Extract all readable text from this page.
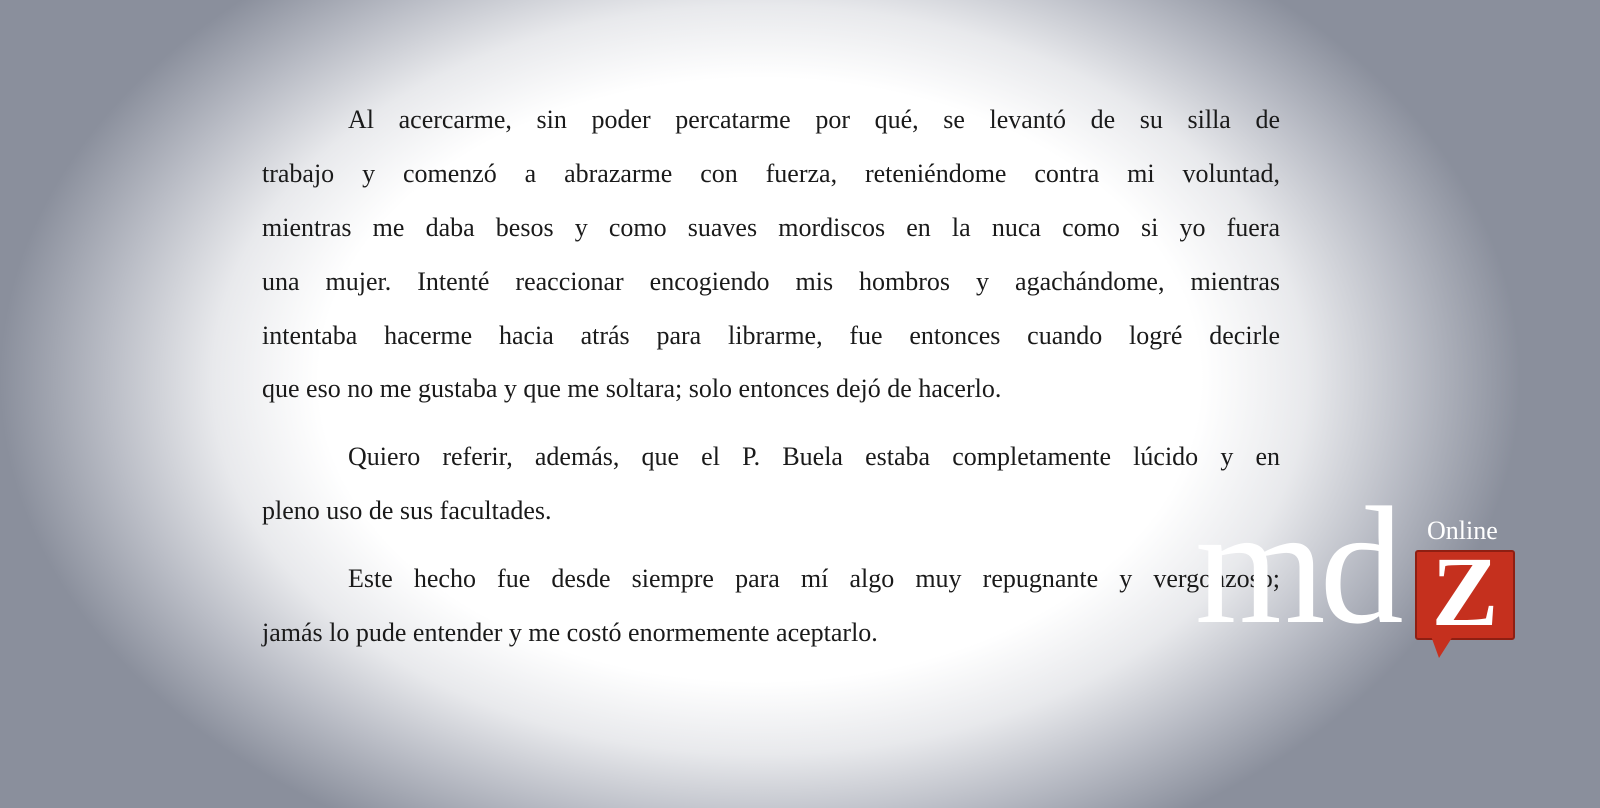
Al acercarme, sin poder percatarme por qué, se levantó de su silla de
trabajo y comenzó a abrazarme con fuerza, reteniéndome contra mi voluntad,
mientras me daba besos y como suaves mordiscos en la nuca como si yo fuera
una mujer. Intenté reaccionar encogiendo mis hombros y agachándome, mientras
intentaba hacerme hacia atrás para librarme, fue entonces cuando logré decirle
que eso no me gustaba y que me soltara; solo entonces dejó de hacerlo.
Quiero referir, además, que el P. Buela estaba completamente lúcido y en
pleno uso de sus facultades.
Este hecho fue desde siempre para mí algo muy repugnante y vergonzoso;
jamás lo pude entender y me costó enormemente aceptarlo.	md Online
Z
